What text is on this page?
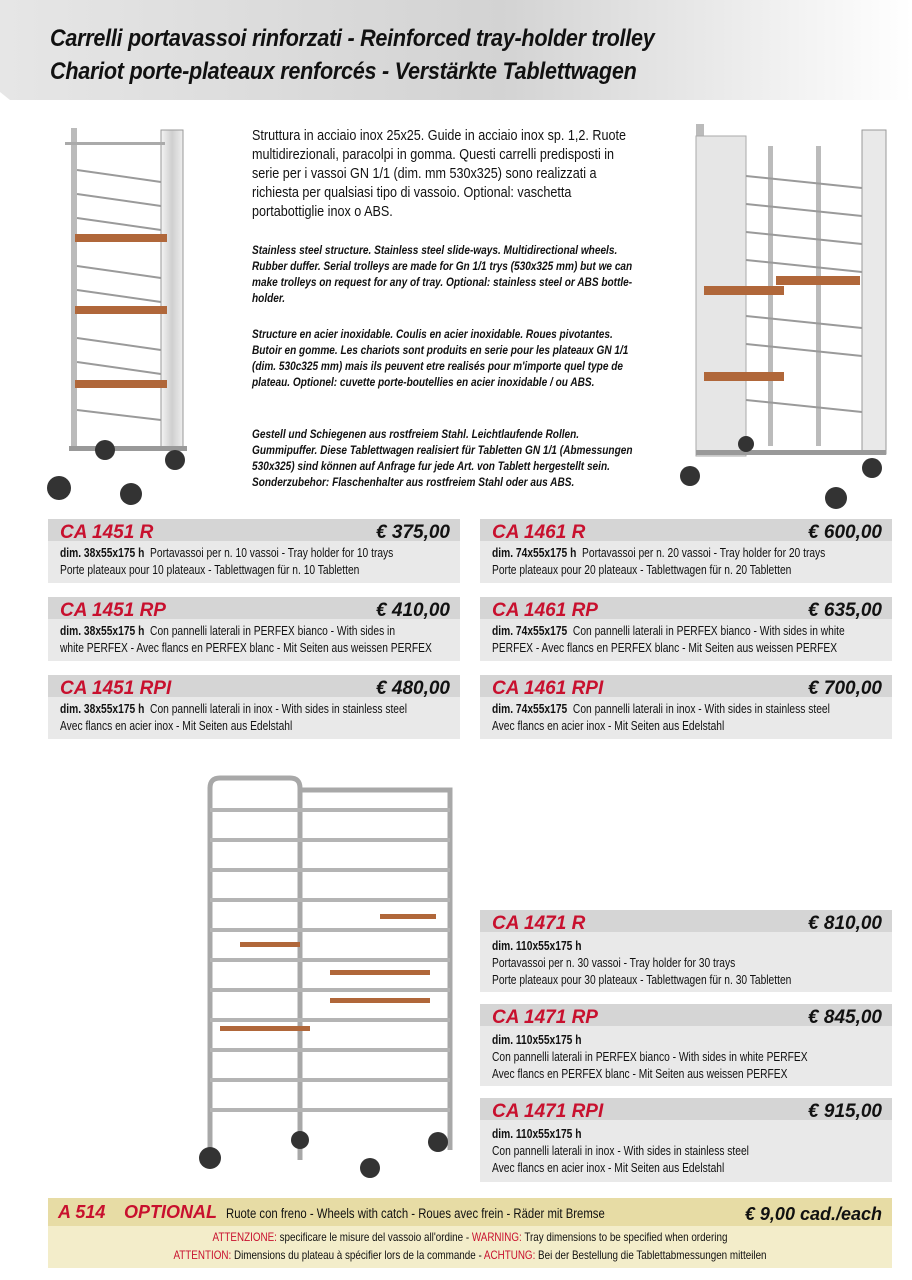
Carrelli portavassoi rinforzati - Reinforced tray-holder trolley
Chariot porte-plateaux renforcés - Verstärkte Tablettwagen

Struttura in acciaio inox 25x25. Guide in acciaio inox sp. 1,2. Ruote multidirezionali, paracolpi in gomma. Questi carrelli predisposti in serie per i vassoi GN 1/1 (dim. mm 530x325) sono realizzati a richiesta per qualsiasi tipo di vassoio. Optional: vaschetta portabottiglie inox o ABS.

Stainless steel structure. Stainless steel slide-ways. Multidirectional wheels. Rubber duffer. Serial trolleys are made for Gn 1/1 trys (530x325 mm) but we can make trolleys on request for any of tray. Optional: stainless steel or ABS bottle-holder.

Structure en acier inoxidable. Coulis en acier inoxidable. Roues pivotantes. Butoir en gomme. Les chariots sont produits en serie pour les plateaux GN 1/1 (dim. 530c325 mm) mais ils peuvent etre realisés pour m'importe quel type de plateau. Optionel: cuvette porte-boutellies en acier inoxidable / ou ABS.

Gestell und Schiegenen aus rostfreiem Stahl. Leichtlaufende Rollen. Gummipuffer. Diese Tablettwagen realisiert für Tabletten GN 1/1 (Abmessungen 530x325) sind können auf Anfrage fur jede Art. von Tablett hergestellt sein. Sonderzubehor: Flaschenhalter aus rostfreiem Stahl oder aus ABS.

CA 1451 R	€ 375,00

dim. 38x55x175 h Portavassoi per n. 10 vassoi - Tray holder for 10 trays

Porte plateaux pour 10 plateaux - Tablettwagen für n. 10 Tabletten

CA 1451 RP	€ 410,00

dim. 38x55x175 h Con pannelli laterali in PERFEX bianco - With sides in

white PERFEX - Avec flancs en PERFEX blanc - Mit Seiten aus weissen PERFEX

CA 1451 RPI	€ 480,00

dim. 38x55x175 h Con pannelli laterali in inox - With sides in stainless steel

Avec flancs en acier inox - Mit Seiten aus Edelstahl

CA 1461 R	€ 600,00

dim. 74x55x175 h Portavassoi per n. 20 vassoi - Tray holder for 20 trays

Porte plateaux pour 20 plateaux - Tablettwagen für n. 20 Tabletten

CA 1461 RP	€ 635,00

dim. 74x55x175 Con pannelli laterali in PERFEX bianco - With sides in white

PERFEX - Avec flancs en PERFEX blanc - Mit Seiten aus weissen PERFEX

CA 1461 RPI	€ 700,00

dim. 74x55x175 Con pannelli laterali in inox - With sides in stainless steel

Avec flancs en acier inox - Mit Seiten aus Edelstahl

CA 1471 R	€ 810,00

dim. 110x55x175 h

Portavassoi per n. 30 vassoi - Tray holder for 30 trays

Porte plateaux pour 30 plateaux - Tablettwagen für n. 30 Tabletten

CA 1471 RP	€ 845,00

dim. 110x55x175 h

Con pannelli laterali in PERFEX bianco - With sides in white PERFEX

Avec flancs en PERFEX blanc - Mit Seiten aus weissen PERFEX

CA 1471 RPI	€ 915,00

dim. 110x55x175 h

Con pannelli laterali in inox - With sides in stainless steel

Avec flancs en acier inox - Mit Seiten aus Edelstahl

A 514 OPTIONAL Ruote con freno - Wheels with catch - Roues avec frein - Räder mit Bremse	€ 9,00 cad./each

ATTENZIONE: specificare le misure del vassoio all'ordine - WARNING: Tray dimensions to be specified when ordering

ATTENTION: Dimensions du plateau à spécifier lors de la commande - ACHTUNG: Bei der Bestellung die Tablettabmessungen mitteilen
